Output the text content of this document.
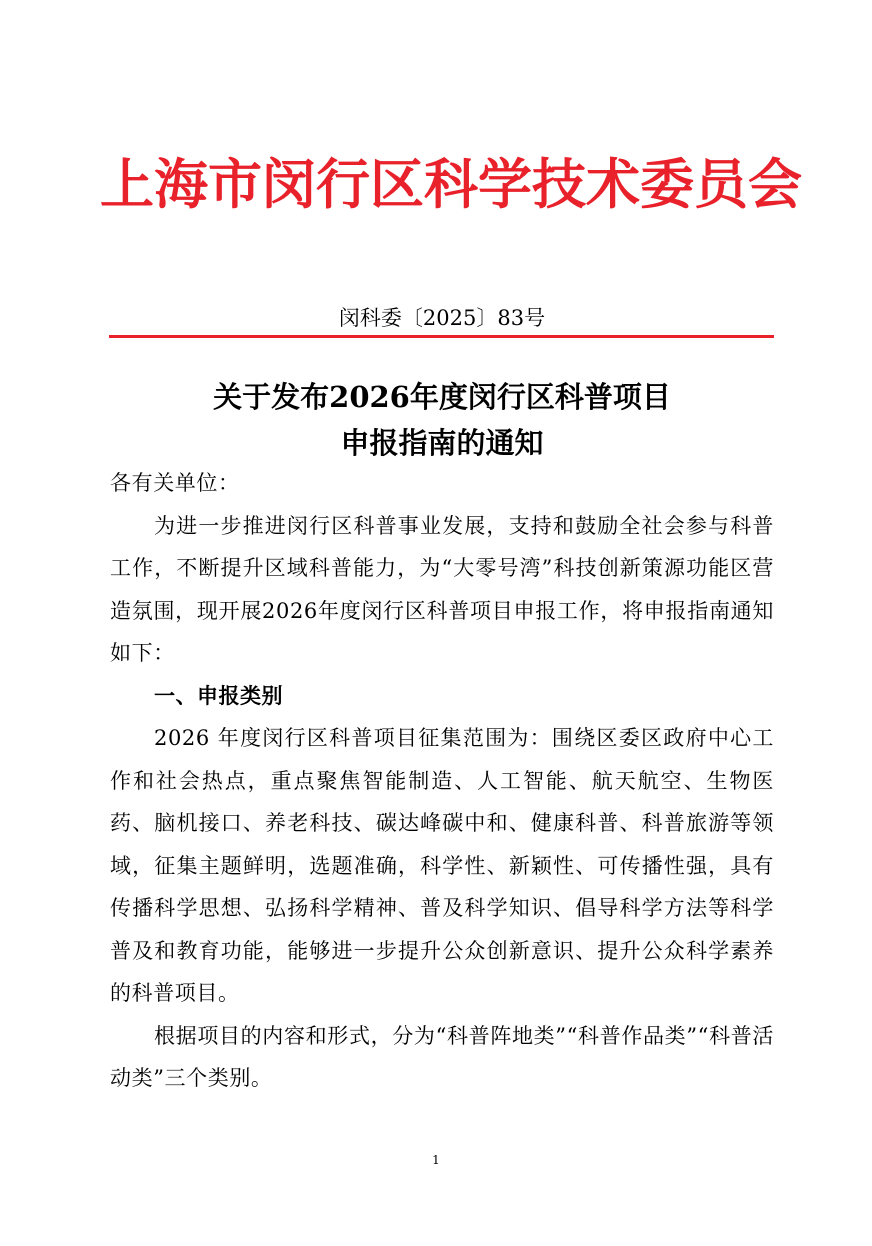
上海市闵行区科学技术委员会
闵科委〔2025〕83号
关于发布2026年度闵行区科普项目
申报指南的通知

各有关单位：

为进一步推进闵行区科普事业发展，支持和鼓励全社会参与科普工作，不断提升区域科普能力，为“大零号湾”科技创新策源功能区营造氛围，现开展2026年度闵行区科普项目申报工作，将申报指南通知如下：

一、申报类别

2026 年度闵行区科普项目征集范围为：围绕区委区政府中心工作和社会热点，重点聚焦智能制造、人工智能、航天航空、生物医药、脑机接口、养老科技、碳达峰碳中和、健康科普、科普旅游等领域，征集主题鲜明，选题准确，科学性、新颖性、可传播性强，具有传播科学思想、弘扬科学精神、普及科学知识、倡导科学方法等科学普及和教育功能，能够进一步提升公众创新意识、提升公众科学素养的科普项目。

根据项目的内容和形式，分为“科普阵地类”“科普作品类”“科普活动类”三个类别。

1
